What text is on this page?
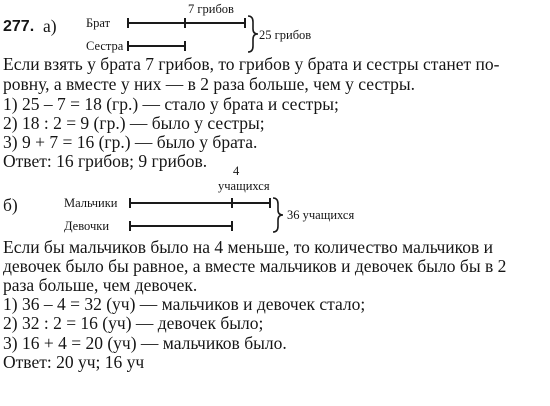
277. а) Брат
Сестра
7 грибов
25 грибов
Если взять у брата 7 грибов, то грибов у брата и сестры станет по-
ровну, а вместе у них — в 2 раза больше, чем у сестры.
1) 25 – 7 = 18 (гр.) — стало у брата и сестры;
2) 18 : 2 = 9 (гр.) — было у сестры;
3) 9 + 7 = 16 (гр.) — было у брата.
Ответ: 16 грибов; 9 грибов. 4
учащихся
б)	Мальчики
Девочки
36 учащихся
Если бы мальчиков было на 4 меньше, то количество мальчиков и
девочек было бы равное, а вместе мальчиков и девочек было бы в 2
раза больше, чем девочек.
1) 36 – 4 = 32 (уч) — мальчиков и девочек стало;
2) 32 : 2 = 16 (уч) — девочек было;
3) 16 + 4 = 20 (уч) — мальчиков было.
Ответ: 20 уч; 16 уч
